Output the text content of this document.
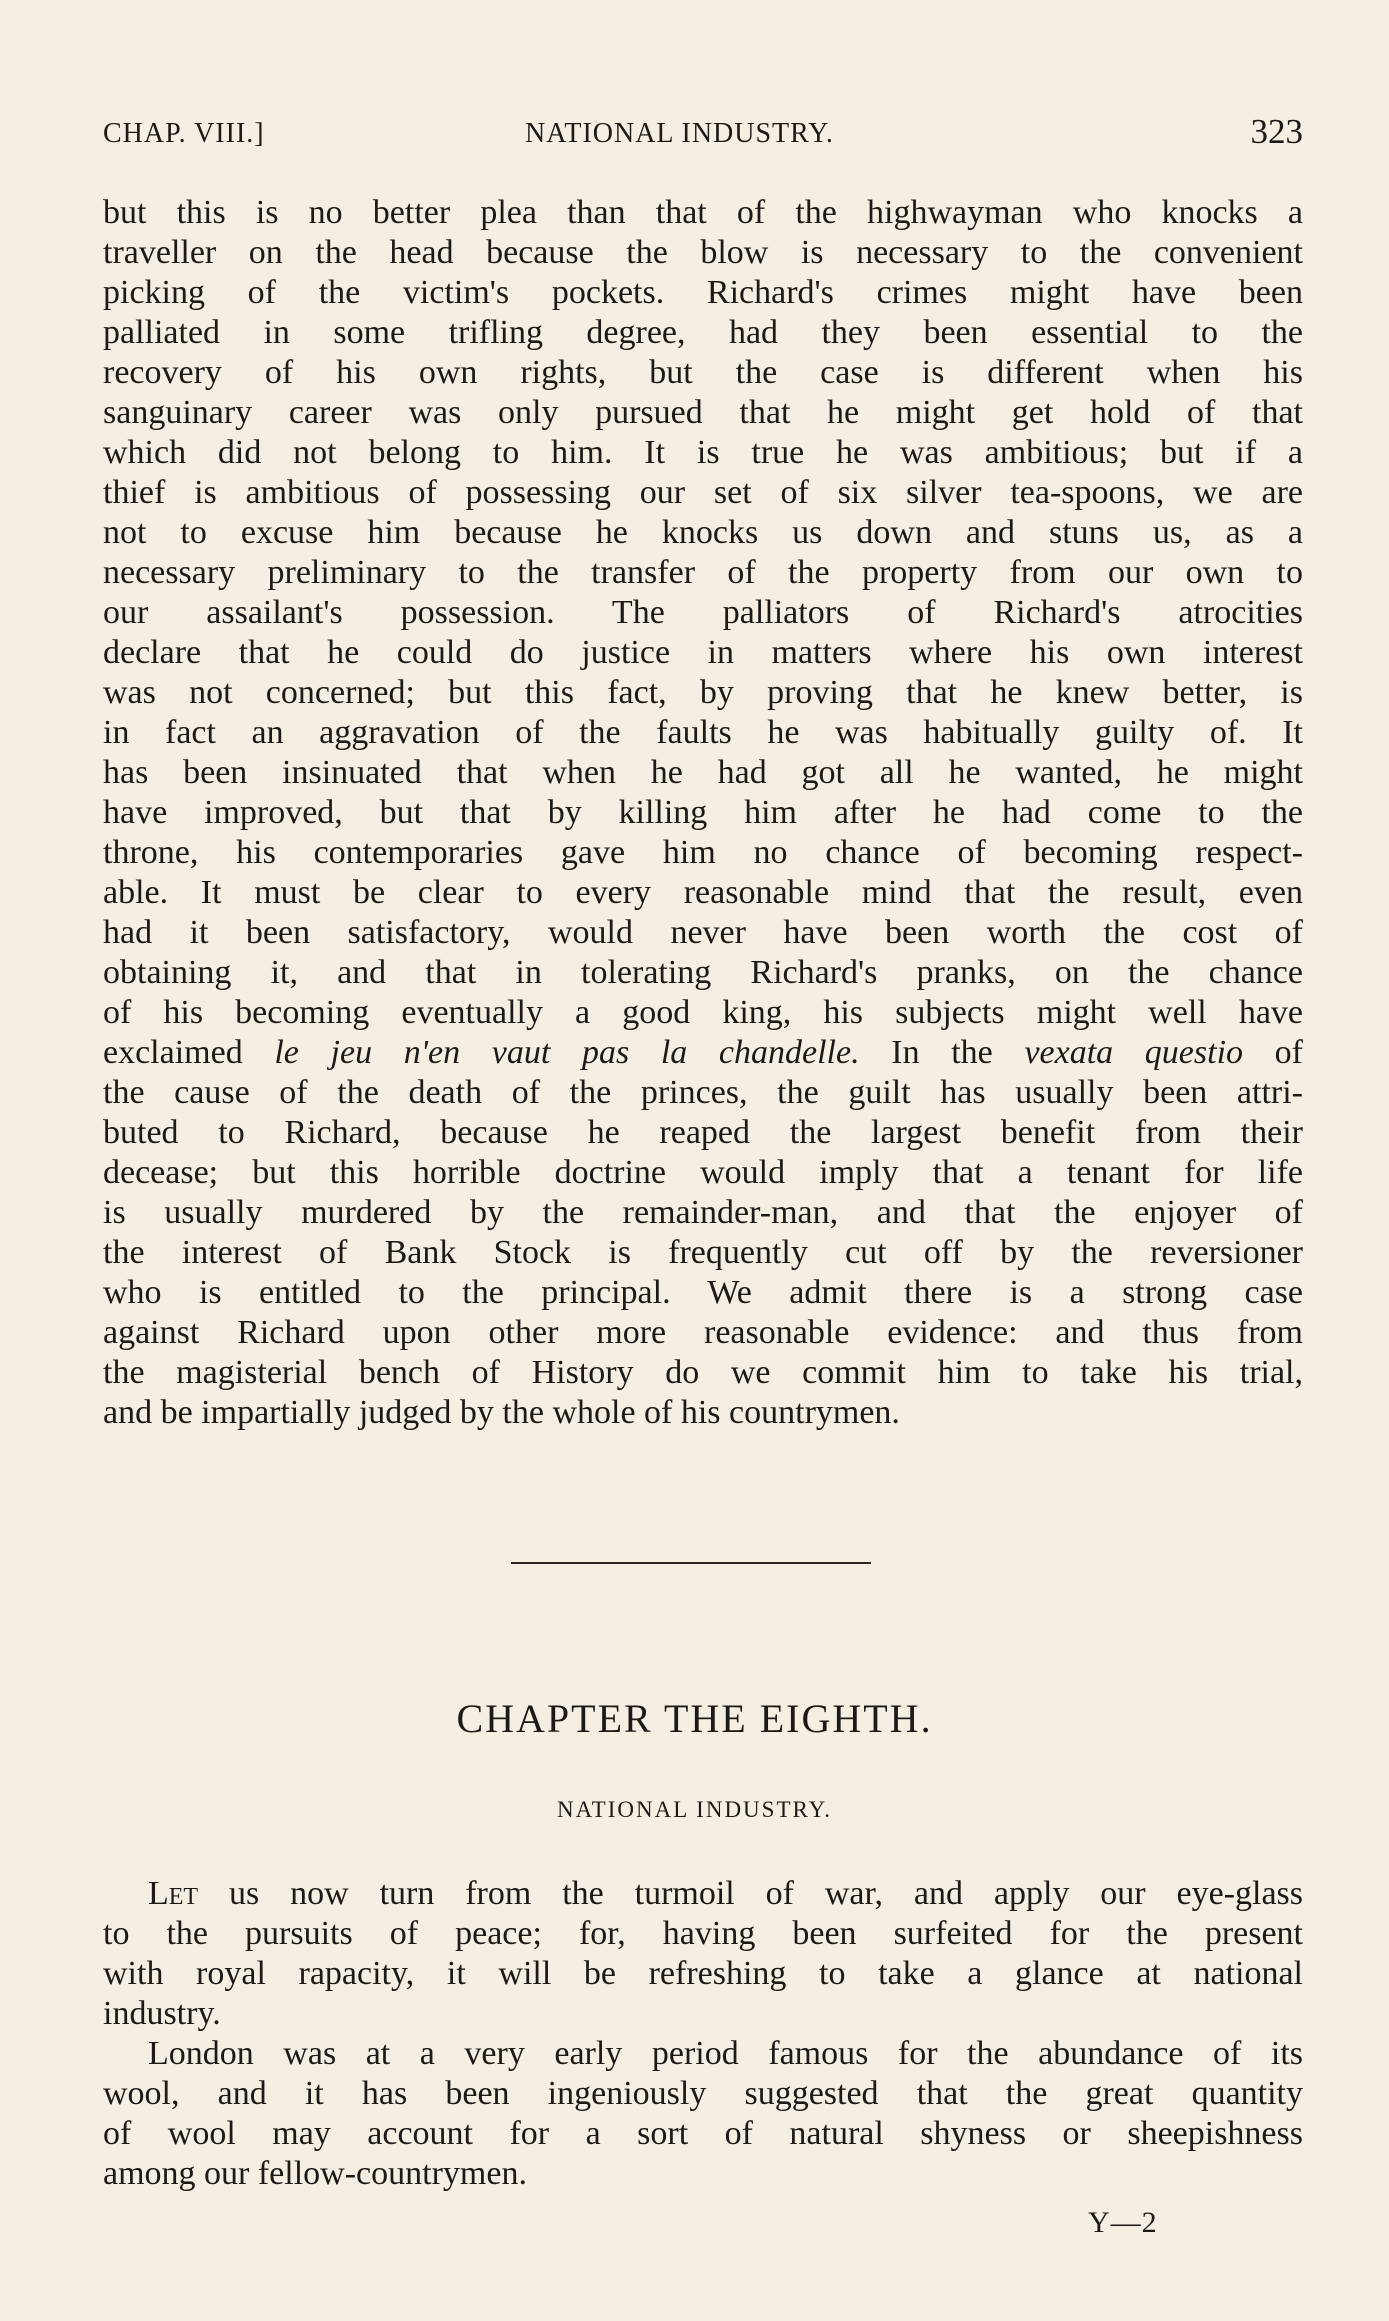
CHAP. VIII.]	NATIONAL INDUSTRY.	323
but this is no better plea than that of the highwayman who knocks a
traveller on the head because the blow is necessary to the convenient
picking of the victim's pockets. Richard's crimes might have been
palliated in some trifling degree, had they been essential to the
recovery of his own rights, but the case is different when his
sanguinary career was only pursued that he might get hold of that
which did not belong to him. It is true he was ambitious; but if a
thief is ambitious of possessing our set of six silver tea-spoons, we are
not to excuse him because he knocks us down and stuns us, as a
necessary preliminary to the transfer of the property from our own to
our assailant's possession. The palliators of Richard's atrocities
declare that he could do justice in matters where his own interest
was not concerned; but this fact, by proving that he knew better, is
in fact an aggravation of the faults he was habitually guilty of. It
has been insinuated that when he had got all he wanted, he might
have improved, but that by killing him after he had come to the
throne, his contemporaries gave him no chance of becoming respect-
able. It must be clear to every reasonable mind that the result, even
had it been satisfactory, would never have been worth the cost of
obtaining it, and that in tolerating Richard's pranks, on the chance
of his becoming eventually a good king, his subjects might well have
exclaimed le jeu n'en vaut pas la chandelle. In the vexata questio of
the cause of the death of the princes, the guilt has usually been attri-
buted to Richard, because he reaped the largest benefit from their
decease; but this horrible doctrine would imply that a tenant for life
is usually murdered by the remainder-man, and that the enjoyer of
the interest of Bank Stock is frequently cut off by the reversioner
who is entitled to the principal. We admit there is a strong case
against Richard upon other more reasonable evidence: and thus from
the magisterial bench of History do we commit him to take his trial,
and be impartially judged by the whole of his countrymen.
CHAPTER THE EIGHTH.
NATIONAL INDUSTRY.
Let us now turn from the turmoil of war, and apply our eye-glass
to the pursuits of peace; for, having been surfeited for the present
with royal rapacity, it will be refreshing to take a glance at national
industry.
London was at a very early period famous for the abundance of its
wool, and it has been ingeniously suggested that the great quantity
of wool may account for a sort of natural shyness or sheepishness
among our fellow-countrymen.
Y—2
